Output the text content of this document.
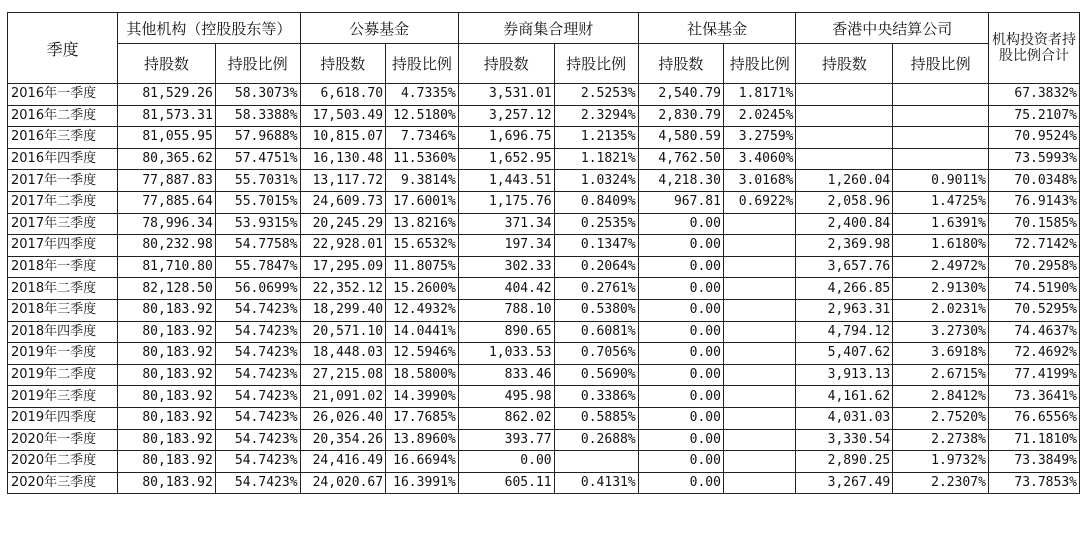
季度	其他机构（控股股东等）		公募基金		券商集合理财		社保基金		香港中央结算公司		机构投资者持股比例合计
	持股数	持股比例	持股数	持股比例	持股数	持股比例	持股数	持股比例	持股数	持股比例	
2016年一季度	81,529.26	58.3073%	6,618.70	4.7335%	3,531.01	2.5253%	2,540.79	1.8171%			67.3832%
2016年二季度	81,573.31	58.3388%	17,503.49	12.5180%	3,257.12	2.3294%	2,830.79	2.0245%			75.2107%
2016年三季度	81,055.95	57.9688%	10,815.07	7.7346%	1,696.75	1.2135%	4,580.59	3.2759%			70.9524%
2016年四季度	80,365.62	57.4751%	16,130.48	11.5360%	1,652.95	1.1821%	4,762.50	3.4060%			73.5993%
2017年一季度	77,887.83	55.7031%	13,117.72	9.3814%	1,443.51	1.0324%	4,218.30	3.0168%	1,260.04	0.9011%	70.0348%
2017年二季度	77,885.64	55.7015%	24,609.73	17.6001%	1,175.76	0.8409%	967.81	0.6922%	2,058.96	1.4725%	76.9143%
2017年三季度	78,996.34	53.9315%	20,245.29	13.8216%	371.34	0.2535%	0.00		2,400.84	1.6391%	70.1585%
2017年四季度	80,232.98	54.7758%	22,928.01	15.6532%	197.34	0.1347%	0.00		2,369.98	1.6180%	72.7142%
2018年一季度	81,710.80	55.7847%	17,295.09	11.8075%	302.33	0.2064%	0.00		3,657.76	2.4972%	70.2958%
2018年二季度	82,128.50	56.0699%	22,352.12	15.2600%	404.42	0.2761%	0.00		4,266.85	2.9130%	74.5190%
2018年三季度	80,183.92	54.7423%	18,299.40	12.4932%	788.10	0.5380%	0.00		2,963.31	2.0231%	70.5295%
2018年四季度	80,183.92	54.7423%	20,571.10	14.0441%	890.65	0.6081%	0.00		4,794.12	3.2730%	74.4637%
2019年一季度	80,183.92	54.7423%	18,448.03	12.5946%	1,033.53	0.7056%	0.00		5,407.62	3.6918%	72.4692%
2019年二季度	80,183.92	54.7423%	27,215.08	18.5800%	833.46	0.5690%	0.00		3,913.13	2.6715%	77.4199%
2019年三季度	80,183.92	54.7423%	21,091.02	14.3990%	495.98	0.3386%	0.00		4,161.62	2.8412%	73.3641%
2019年四季度	80,183.92	54.7423%	26,026.40	17.7685%	862.02	0.5885%	0.00		4,031.03	2.7520%	76.6556%
2020年一季度	80,183.92	54.7423%	20,354.26	13.8960%	393.77	0.2688%	0.00		3,330.54	2.2738%	71.1810%
2020年二季度	80,183.92	54.7423%	24,416.49	16.6694%	0.00		0.00		2,890.25	1.9732%	73.3849%
2020年三季度	80,183.92	54.7423%	24,020.67	16.3991%	605.11	0.4131%	0.00		3,267.49	2.2307%	73.7853%
